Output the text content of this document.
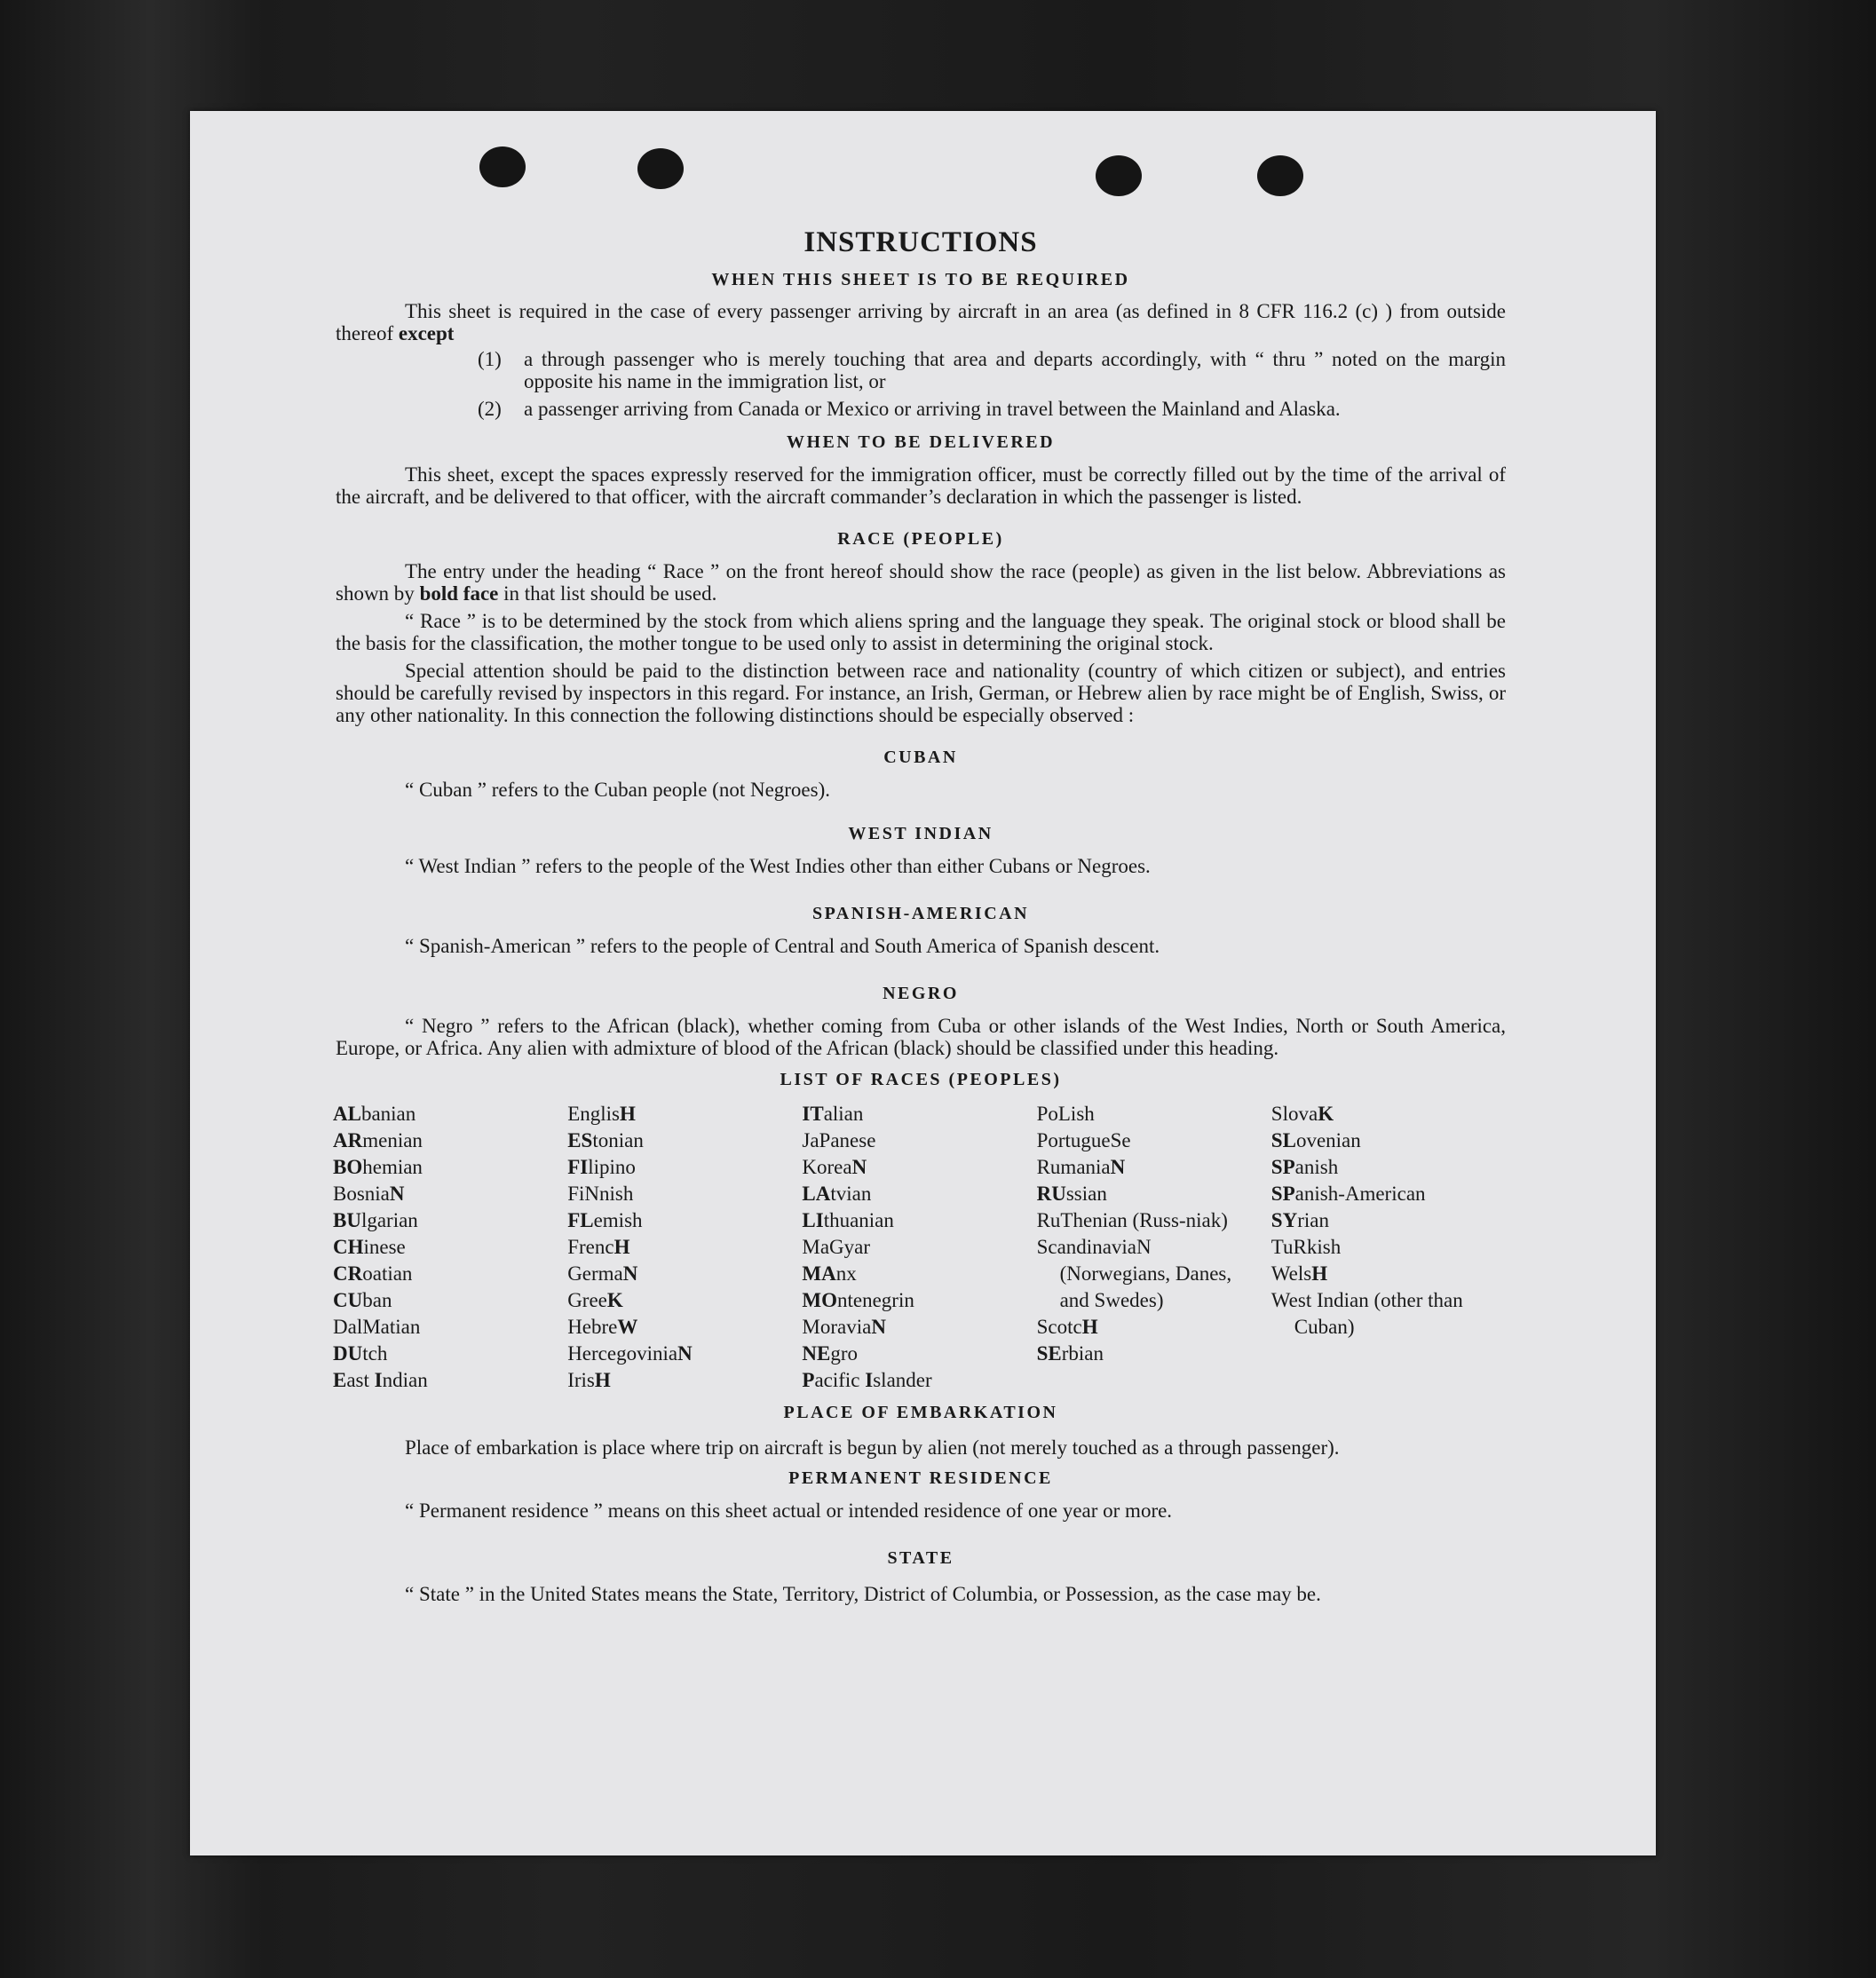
INSTRUCTIONS
WHEN THIS SHEET IS TO BE REQUIRED

This sheet is required in the case of every passenger arriving by aircraft in an area (as defined in 8 CFR 116.2 (c) ) from outside thereof except

(1)	a through passenger who is merely touching that area and departs accordingly, with “ thru ” noted on the margin opposite his name in the immigration list, or
(2)	a passenger arriving from Canada or Mexico or arriving in travel between the Mainland and Alaska.
WHEN TO BE DELIVERED

This sheet, except the spaces expressly reserved for the immigration officer, must be correctly filled out by the time of the arrival of the aircraft, and be delivered to that officer, with the aircraft commander’s declaration in which the passenger is listed.

RACE (PEOPLE)

The entry under the heading “ Race ” on the front hereof should show the race (people) as given in the list below. Abbreviations as shown by bold face in that list should be used.

“ Race ” is to be determined by the stock from which aliens spring and the language they speak. The original stock or blood shall be the basis for the classification, the mother tongue to be used only to assist in determining the original stock.

Special attention should be paid to the distinction between race and nationality (country of which citizen or subject), and entries should be carefully revised by inspectors in this regard. For instance, an Irish, German, or Hebrew alien by race might be of English, Swiss, or any other nationality. In this connection the following distinctions should be especially observed :

CUBAN

“ Cuban ” refers to the Cuban people (not Negroes).

WEST INDIAN

“ West Indian ” refers to the people of the West Indies other than either Cubans or Negroes.

SPANISH-AMERICAN

“ Spanish-American ” refers to the people of Central and South America of Spanish descent.

NEGRO

“ Negro ” refers to the African (black), whether coming from Cuba or other islands of the West Indies, North or South America, Europe, or Africa. Any alien with admixture of blood of the African (black) should be classified under this heading.

LIST OF RACES (PEOPLES)
ALbanian
ARmenian
BOhemian
BosniaN
BUlgarian
CHinese
CRoatian
CUban
DalMatian
DUtch
East Indian
EnglisH
EStonian
FIlipino
FiNnish
FLemish
FrencH
GermaN
GreeK
HebreW
HercegoviniaN
IrisH
ITalian
JaPanese
KoreaN
LAtvian
LIthuanian
MaGyar
MAnx
MOntenegrin
MoraviaN
NEgro
Pacific Islander
PoLish
PortugueSe
RumaniaN
RUssian
RuThenian (Russ-niak)
ScandinaviaN (Norwegians, Danes, and Swedes)
ScotcH
SErbian
SlovaK
SLovenian
SPanish
SPanish-American
SYrian
TuRkish
WelsH
West Indian (other than Cuban)
PLACE OF EMBARKATION

Place of embarkation is place where trip on aircraft is begun by alien (not merely touched as a through passenger).

PERMANENT RESIDENCE

“ Permanent residence ” means on this sheet actual or intended residence of one year or more.

STATE

“ State ” in the United States means the State, Territory, District of Columbia, or Possession, as the case may be.
